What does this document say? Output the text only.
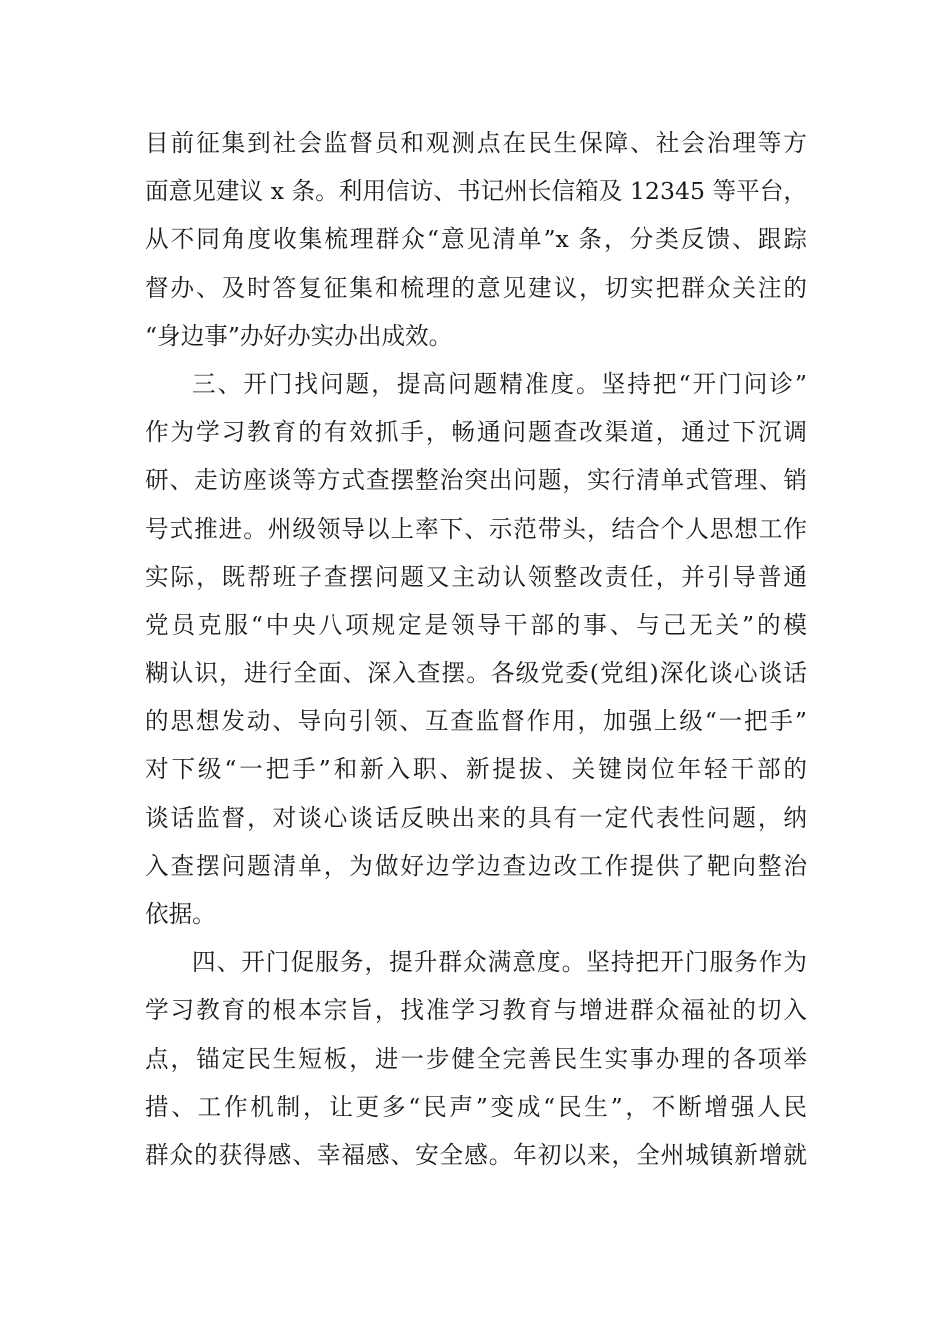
目前征集到社会监督员和观测点在民生保障、社会治理等方
面意见建议 x 条。利用信访、书记州长信箱及 12345 等平台，
从不同角度收集梳理群众“意见清单”x 条，分类反馈、跟踪
督办、及时答复征集和梳理的意见建议，切实把群众关注的
“身边事”办好办实办出成效。
三、开门找问题，提高问题精准度。坚持把“开门问诊”
作为学习教育的有效抓手，畅通问题查改渠道，通过下沉调
研、走访座谈等方式查摆整治突出问题，实行清单式管理、销
号式推进。州级领导以上率下、示范带头，结合个人思想工作
实际，既帮班子查摆问题又主动认领整改责任，并引导普通
党员克服“中央八项规定是领导干部的事、与己无关”的模
糊认识，进行全面、深入查摆。各级党委(党组)深化谈心谈话
的思想发动、导向引领、互查监督作用，加强上级“一把手”
对下级“一把手”和新入职、新提拔、关键岗位年轻干部的
谈话监督，对谈心谈话反映出来的具有一定代表性问题，纳
入查摆问题清单，为做好边学边查边改工作提供了靶向整治
依据。
四、开门促服务，提升群众满意度。坚持把开门服务作为
学习教育的根本宗旨，找准学习教育与增进群众福祉的切入
点，锚定民生短板，进一步健全完善民生实事办理的各项举
措、工作机制，让更多“民声”变成“民生”，不断增强人民
群众的获得感、幸福感、安全感。年初以来，全州城镇新增就
